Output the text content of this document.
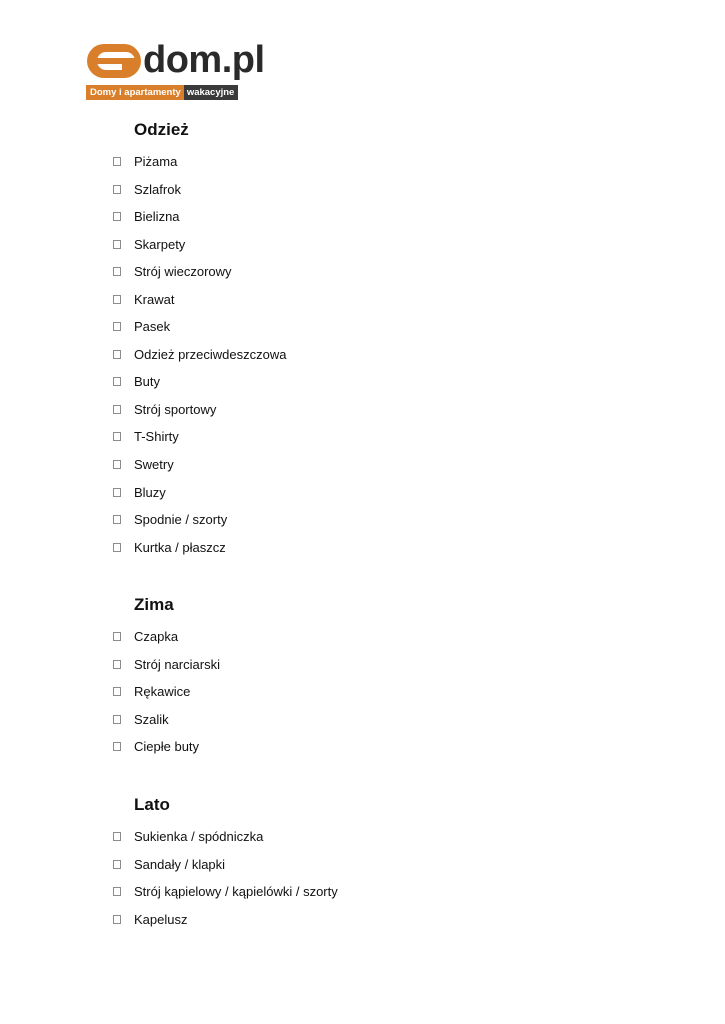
dom.pl
Domy i apartamenty wakacyjne
Odzież
Piżama
Szlafrok
Bielizna
Skarpety
Strój wieczorowy
Krawat
Pasek
Odzież przeciwdeszczowa
Buty
Strój sportowy
T-Shirty
Swetry
Bluzy
Spodnie / szorty
Kurtka / płaszcz
Zima
Czapka
Strój narciarski
Rękawice
Szalik
Ciepłe buty
Lato
Sukienka / spódniczka
Sandały / klapki
Strój kąpielowy / kąpielówki / szorty
Kapelusz
